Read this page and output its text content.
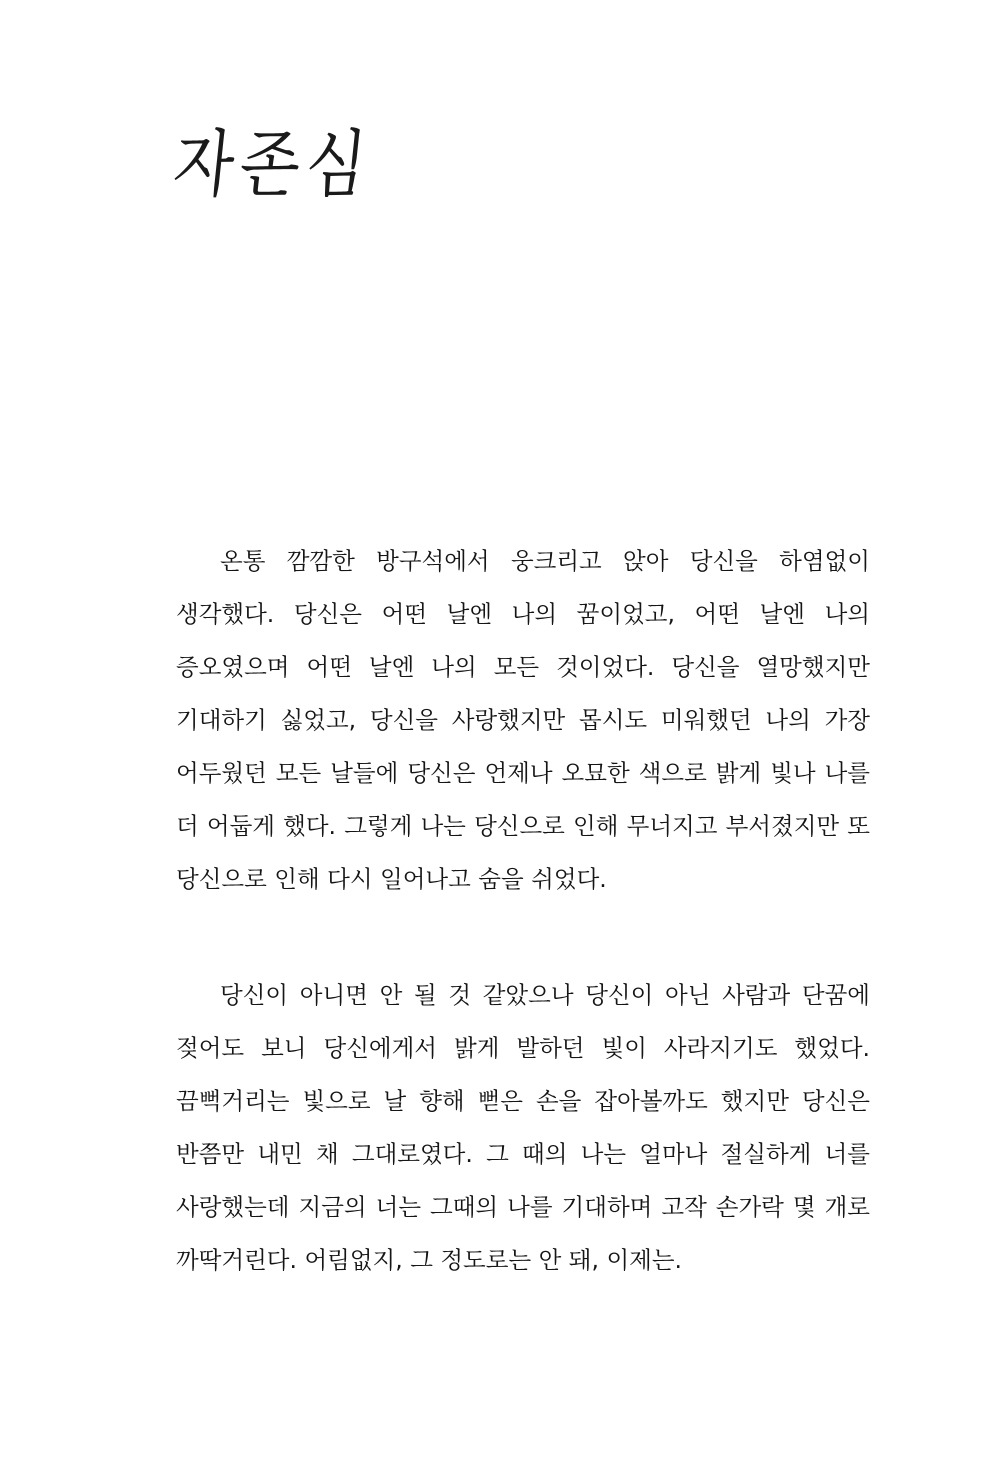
자존심

온통 깜깜한 방구석에서 웅크리고 앉아 당신을 하염없이 생각했다. 당신은 어떤 날엔 나의 꿈이었고, 어떤 날엔 나의 증오였으며 어떤 날엔 나의 모든 것이었다. 당신을 열망했지만 기대하기 싫었고, 당신을 사랑했지만 몹시도 미워했던 나의 가장 어두웠던 모든 날들에 당신은 언제나 오묘한 색으로 밝게 빛나 나를 더 어둡게 했다. 그렇게 나는 당신으로 인해 무너지고 부서졌지만 또 당신으로 인해 다시 일어나고 숨을 쉬었다.

당신이 아니면 안 될 것 같았으나 당신이 아닌 사람과 단꿈에 젖어도 보니 당신에게서 밝게 발하던 빛이 사라지기도 했었다. 끔뻑거리는 빛으로 날 향해 뻗은 손을 잡아볼까도 했지만 당신은 반쯤만 내민 채 그대로였다. 그 때의 나는 얼마나 절실하게 너를 사랑했는데 지금의 너는 그때의 나를 기대하며 고작 손가락 몇 개로 까딱거린다. 어림없지, 그 정도로는 안 돼, 이제는.
